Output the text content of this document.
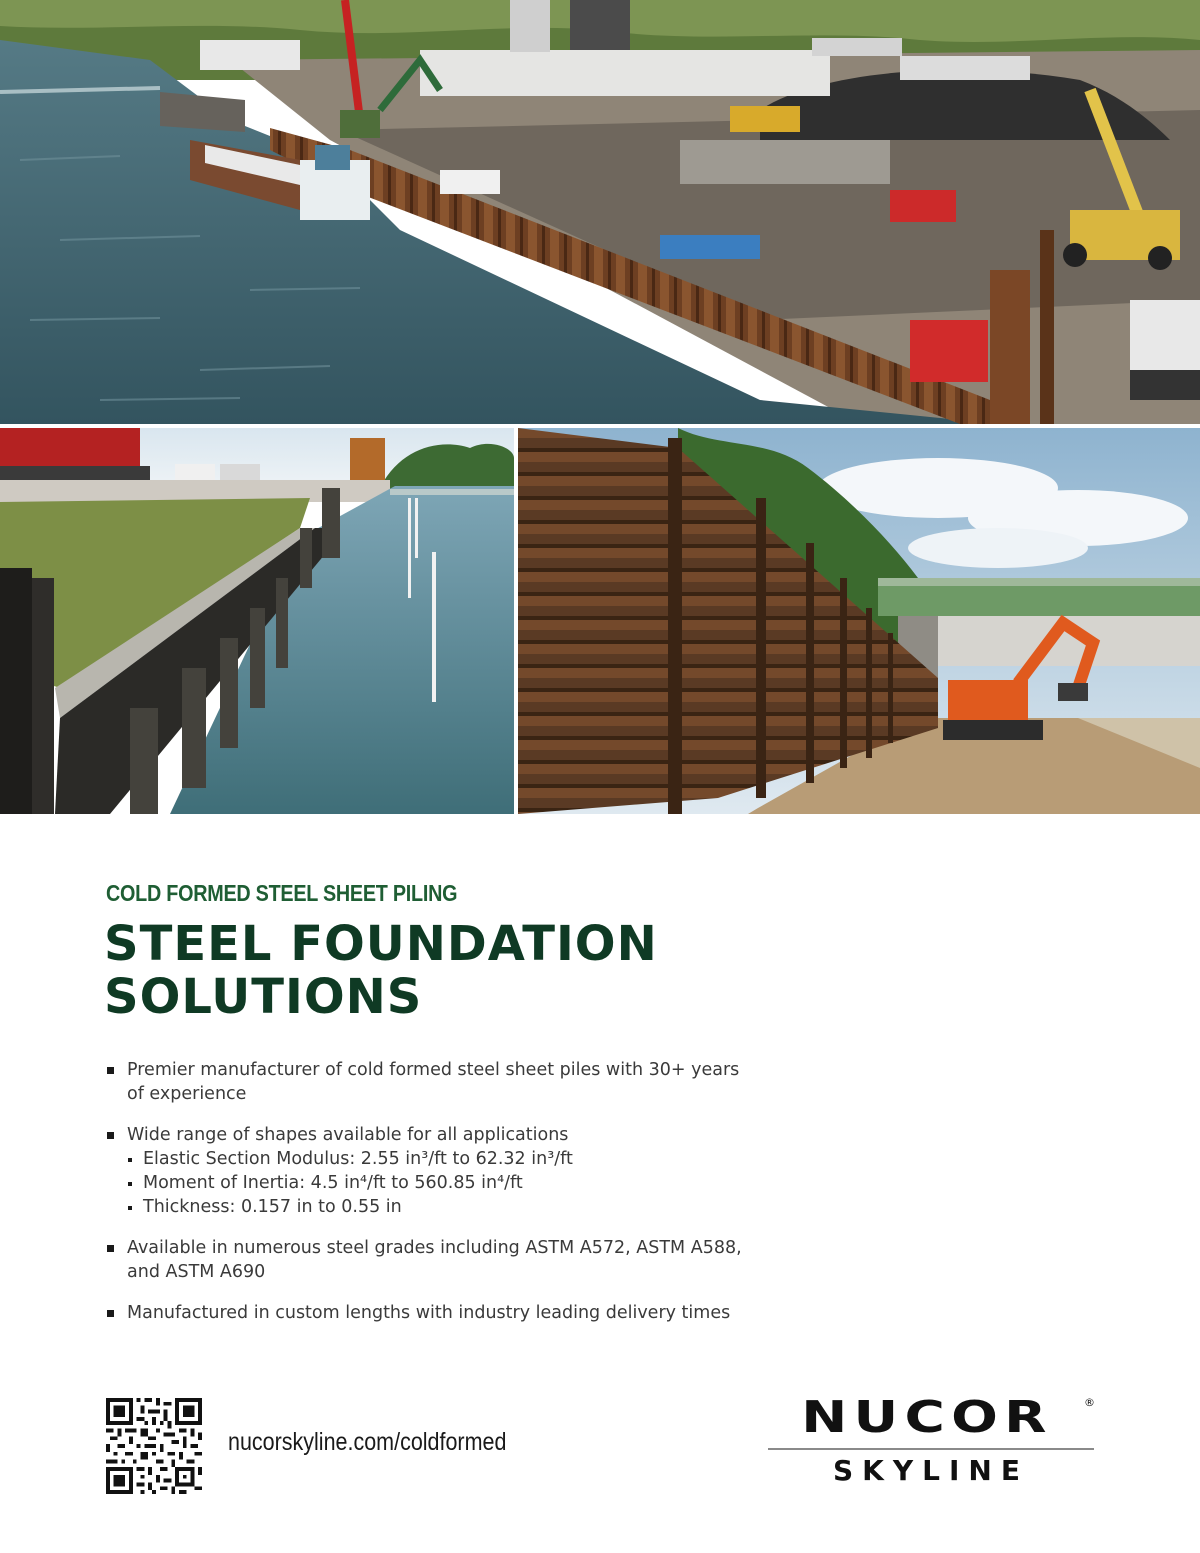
COLD FORMED STEEL SHEET PILING
STEEL FOUNDATION
SOLUTIONS
Premier manufacturer of cold formed steel sheet piles with 30+ years of experience
Wide range of shapes available for all applications
Elastic Section Modulus: 2.55 in³/ft to 62.32 in³/ft
Moment of Inertia: 4.5 in⁴/ft to 560.85 in⁴/ft
Thickness: 0.157 in to 0.55 in
Available in numerous steel grades including ASTM A572, ASTM A588, and ASTM A690
Manufactured in custom lengths with industry leading delivery times
nucorskyline.com/coldformed	NUCOR	®
SKYLINE
